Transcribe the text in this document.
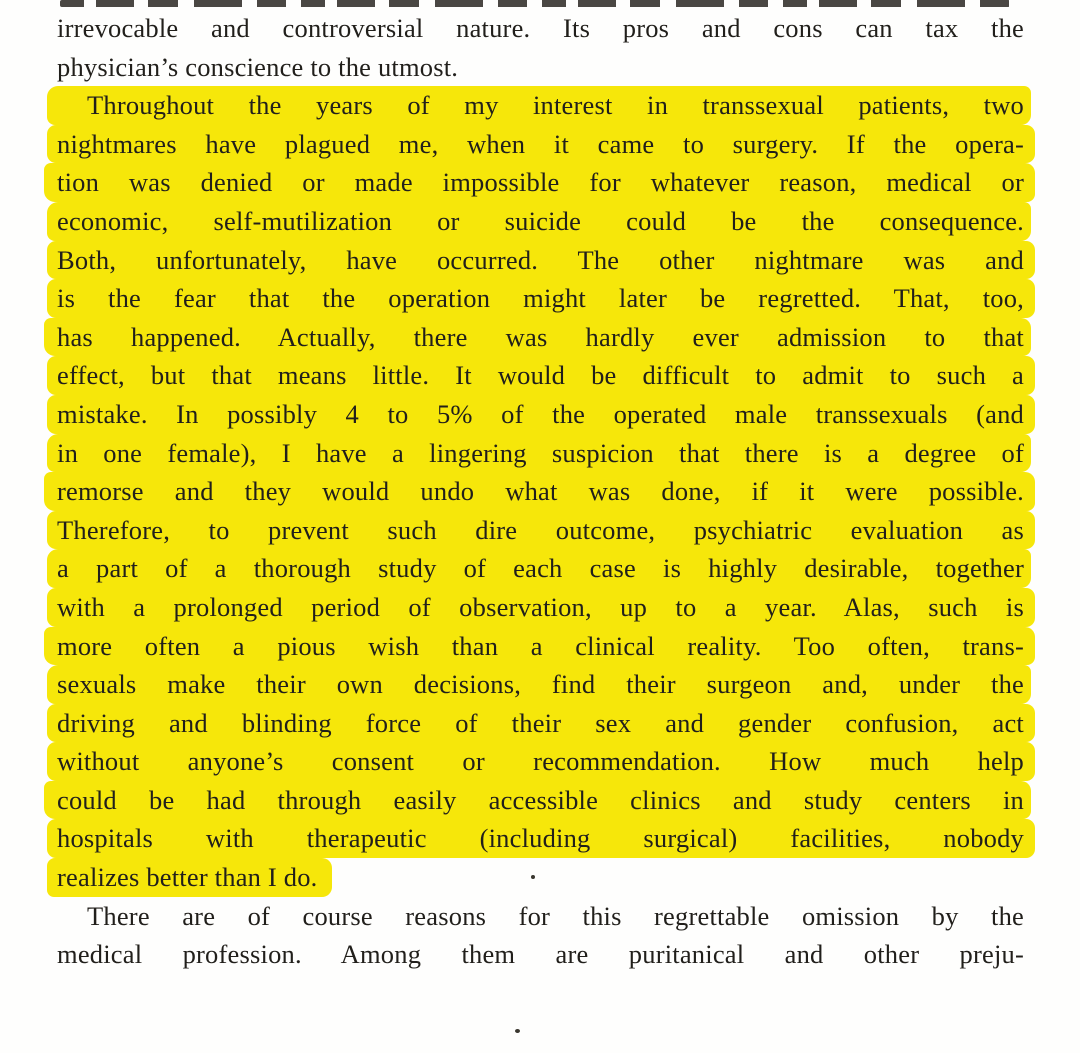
irrevocable and controversial nature. Its pros and cons can tax the
physician’s conscience to the utmost.
Throughout the years of my interest in transsexual patients, two
nightmares have plagued me, when it came to surgery. If the opera-
tion was denied or made impossible for whatever reason, medical or
economic, self-mutilization or suicide could be the consequence.
Both, unfortunately, have occurred. The other nightmare was and
is the fear that the operation might later be regretted. That, too,
has happened. Actually, there was hardly ever admission to that
effect, but that means little. It would be difficult to admit to such a
mistake. In possibly 4 to 5% of the operated male transsexuals (and
in one female), I have a lingering suspicion that there is a degree of
remorse and they would undo what was done, if it were possible.
Therefore, to prevent such dire outcome, psychiatric evaluation as
a part of a thorough study of each case is highly desirable, together
with a prolonged period of observation, up to a year. Alas, such is
more often a pious wish than a clinical reality. Too often, trans-
sexuals make their own decisions, find their surgeon and, under the
driving and blinding force of their sex and gender confusion, act
without anyone’s consent or recommendation. How much help
could be had through easily accessible clinics and study centers in
hospitals with therapeutic (including surgical) facilities, nobody
realizes better than I do.
There are of course reasons for this regrettable omission by the
medical profession. Among them are puritanical and other preju-
